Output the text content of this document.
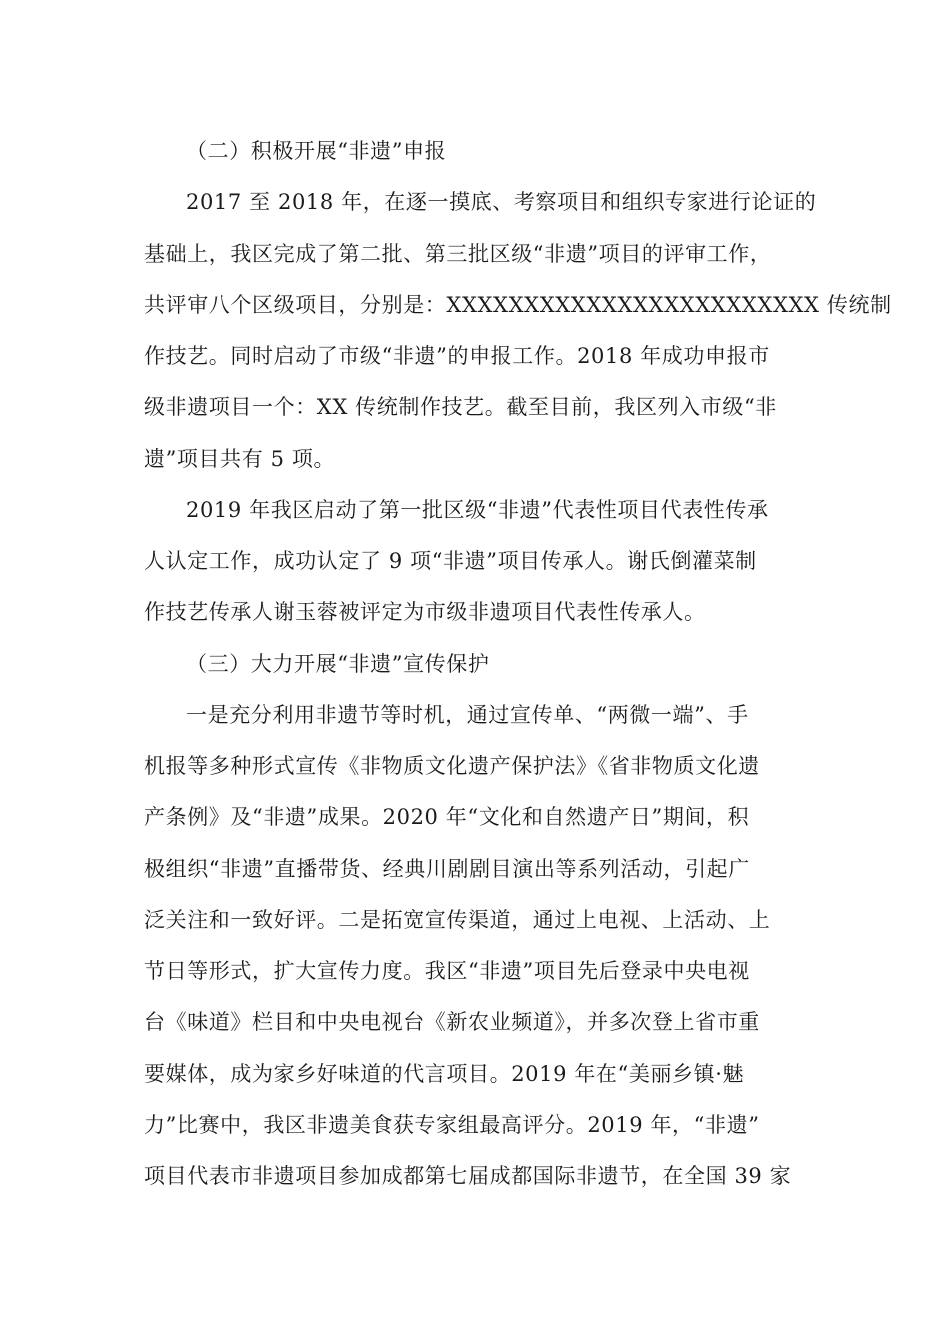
（二）积极开展“非遗”申报
2017 至 2018 年，在逐一摸底、考察项目和组织专家进行论证的
基础上，我区完成了第二批、第三批区级“非遗”项目的评审工作，
共评审八个区级项目，分别是：XXXXXXXXXXXXXXXXXXXXXXXX 传统制
作技艺。同时启动了市级“非遗”的申报工作。2018 年成功申报市
级非遗项目一个：XX 传统制作技艺。截至目前，我区列入市级“非
遗”项目共有 5 项。
2019 年我区启动了第一批区级“非遗”代表性项目代表性传承
人认定工作，成功认定了 9 项“非遗”项目传承人。谢氏倒灌菜制
作技艺传承人谢玉蓉被评定为市级非遗项目代表性传承人。
（三）大力开展“非遗”宣传保护
一是充分利用非遗节等时机，通过宣传单、“两微一端”、手
机报等多种形式宣传《非物质文化遗产保护法》《省非物质文化遗
产条例》及“非遗”成果。2020 年“文化和自然遗产日”期间，积
极组织“非遗”直播带货、经典川剧剧目演出等系列活动，引起广
泛关注和一致好评。二是拓宽宣传渠道，通过上电视、上活动、上
节日等形式，扩大宣传力度。我区“非遗”项目先后登录中央电视
台《味道》栏目和中央电视台《新农业频道》，并多次登上省市重
要媒体，成为家乡好味道的代言项目。2019 年在“美丽乡镇·魅
力”比赛中，我区非遗美食获专家组最高评分。2019 年，“非遗”
项目代表市非遗项目参加成都第七届成都国际非遗节，在全国 39 家
